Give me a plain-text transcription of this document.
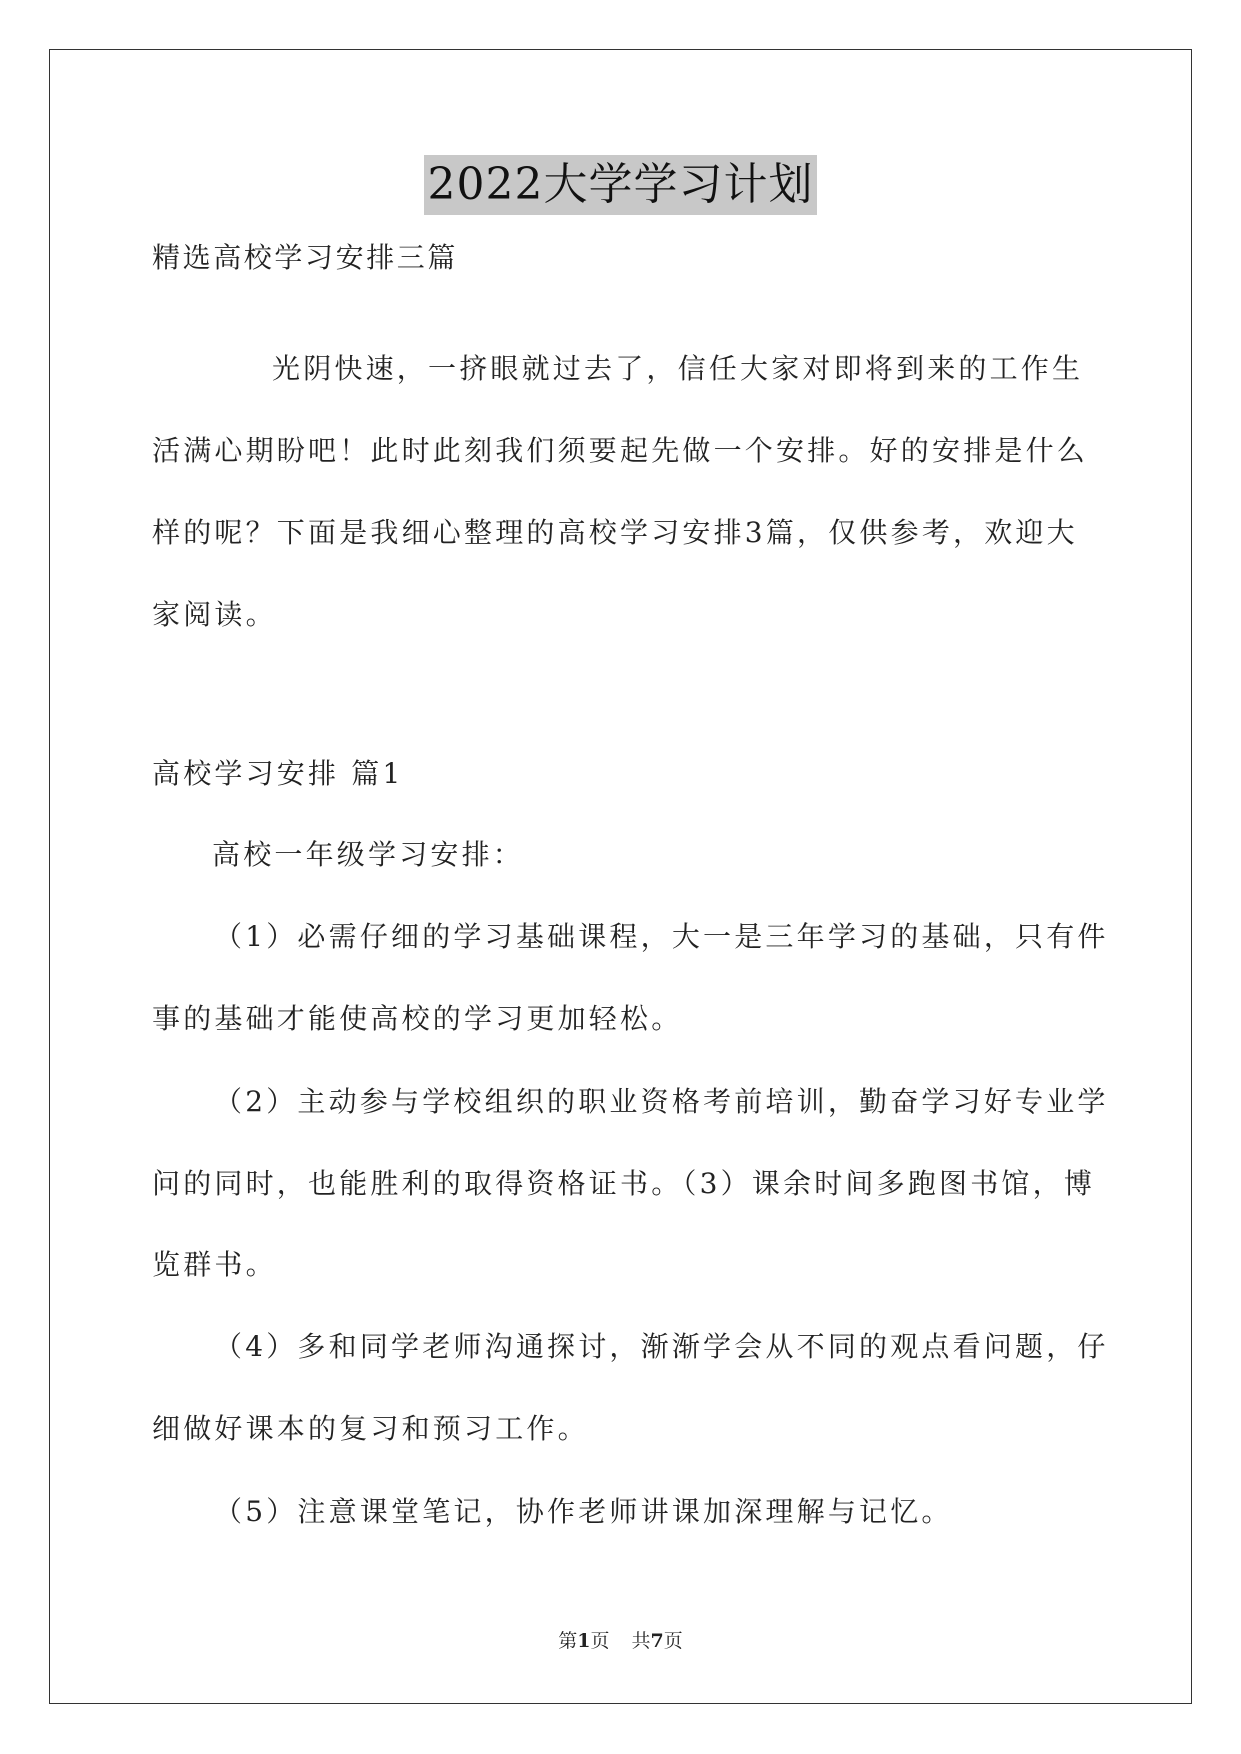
2022大学学习计划
精选高校学习安排三篇
光阴快速，一挤眼就过去了，信任大家对即将到来的工作生
活满心期盼吧！此时此刻我们须要起先做一个安排。好的安排是什么
样的呢？下面是我细心整理的高校学习安排3篇，仅供参考，欢迎大
家阅读。
高校学习安排 篇1
高校一年级学习安排：
（1）必需仔细的学习基础课程，大一是三年学习的基础，只有件
事的基础才能使高校的学习更加轻松。
（2）主动参与学校组织的职业资格考前培训，勤奋学习好专业学
问的同时，也能胜利的取得资格证书。（3）课余时间多跑图书馆，博
览群书。
（4）多和同学老师沟通探讨，渐渐学会从不同的观点看问题，仔
细做好课本的复习和预习工作。
（5）注意课堂笔记，协作老师讲课加深理解与记忆。
第1页 共7页
